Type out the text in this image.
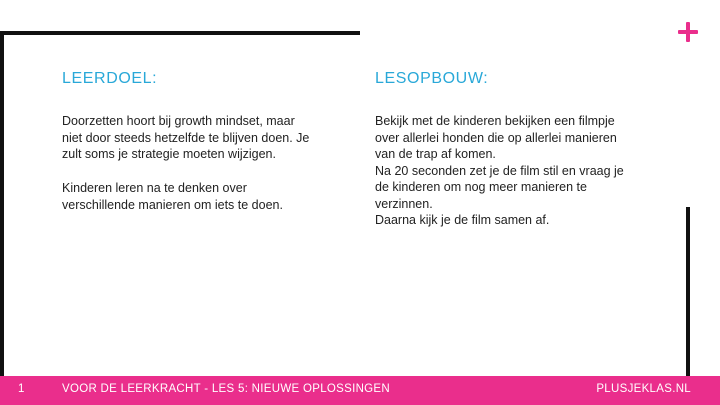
LEERDOEL:	LESOPBOUW:

Doorzetten hoort bij growth mindset, maar
niet door steeds hetzelfde te blijven doen. Je
zult soms je strategie moeten wijzigen.

Kinderen leren na te denken over
verschillende manieren om iets te doen.

Bekijk met de kinderen bekijken een filmpje
over allerlei honden die op allerlei manieren
van de trap af komen.
Na 20 seconden zet je de film stil en vraag je
de kinderen om nog meer manieren te
verzinnen.
Daarna kijk je de film samen af.

1	VOOR DE LEERKRACHT - LES 5: NIEUWE OPLOSSINGEN	PLUSJEKLAS.NL
